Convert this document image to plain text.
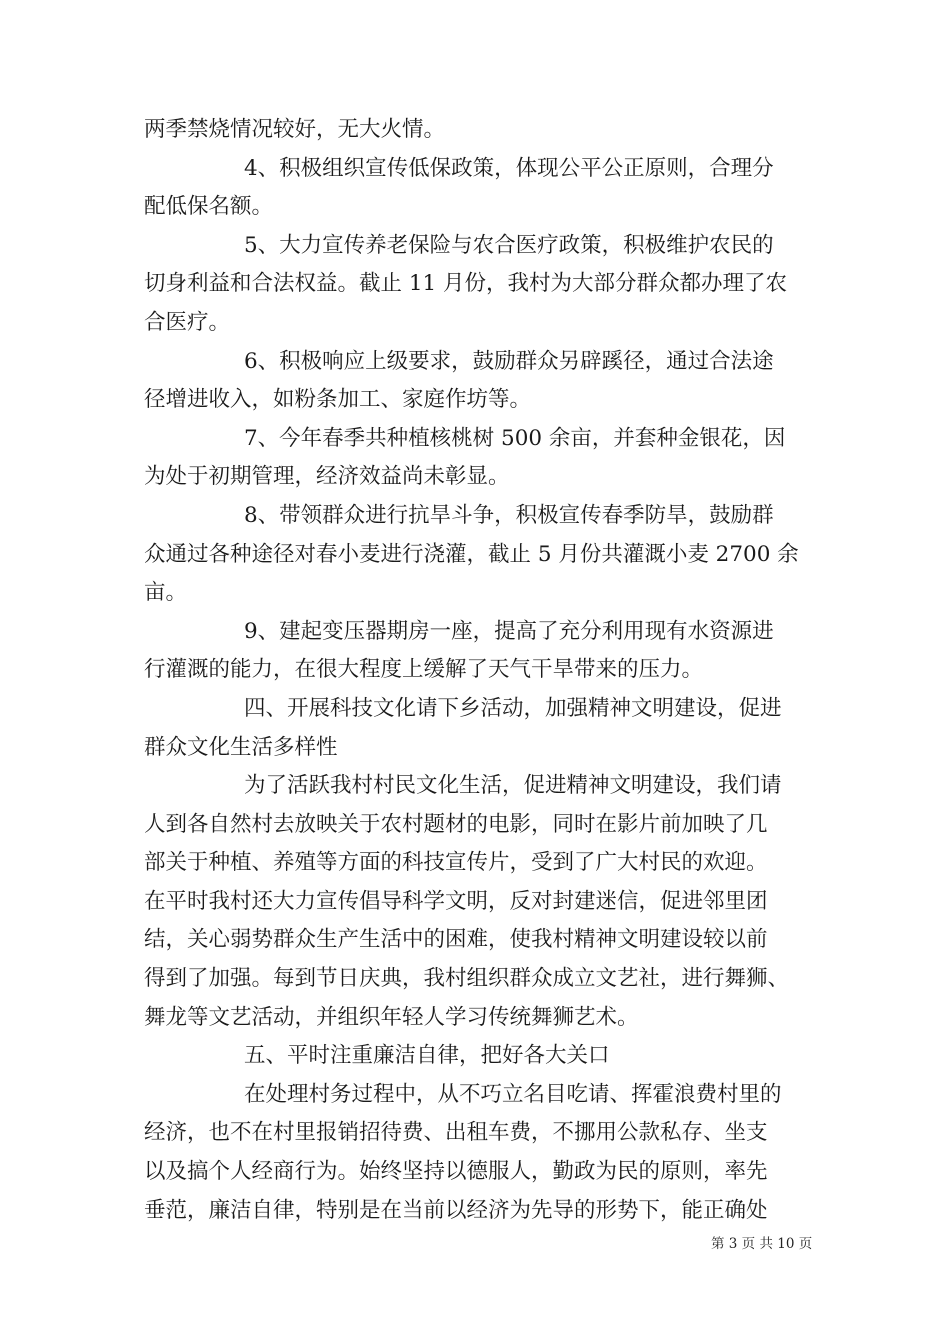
两季禁烧情况较好，无大火情。
4、积极组织宣传低保政策，体现公平公正原则，合理分
配低保名额。
5、大力宣传养老保险与农合医疗政策，积极维护农民的
切身利益和合法权益。截止 11 月份，我村为大部分群众都办理了农
合医疗。
6、积极响应上级要求，鼓励群众另辟蹊径，通过合法途
径增进收入，如粉条加工、家庭作坊等。
7、今年春季共种植核桃树 500 余亩，并套种金银花，因
为处于初期管理，经济效益尚未彰显。
8、带领群众进行抗旱斗争，积极宣传春季防旱，鼓励群
众通过各种途径对春小麦进行浇灌，截止 5 月份共灌溉小麦 2700 余
亩。
9、建起变压器期房一座，提高了充分利用现有水资源进
行灌溉的能力，在很大程度上缓解了天气干旱带来的压力。
四、开展科技文化请下乡活动，加强精神文明建设，促进
群众文化生活多样性
为了活跃我村村民文化生活，促进精神文明建设，我们请
人到各自然村去放映关于农村题材的电影，同时在影片前加映了几
部关于种植、养殖等方面的科技宣传片，受到了广大村民的欢迎。
在平时我村还大力宣传倡导科学文明，反对封建迷信，促进邻里团
结，关心弱势群众生产生活中的困难，使我村精神文明建设较以前
得到了加强。每到节日庆典，我村组织群众成立文艺社，进行舞狮、
舞龙等文艺活动，并组织年轻人学习传统舞狮艺术。
五、平时注重廉洁自律，把好各大关口
在处理村务过程中，从不巧立名目吃请、挥霍浪费村里的
经济，也不在村里报销招待费、出租车费，不挪用公款私存、坐支
以及搞个人经商行为。始终坚持以德服人，勤政为民的原则，率先
垂范，廉洁自律，特别是在当前以经济为先导的形势下，能正确处
第 3 页 共 10 页
